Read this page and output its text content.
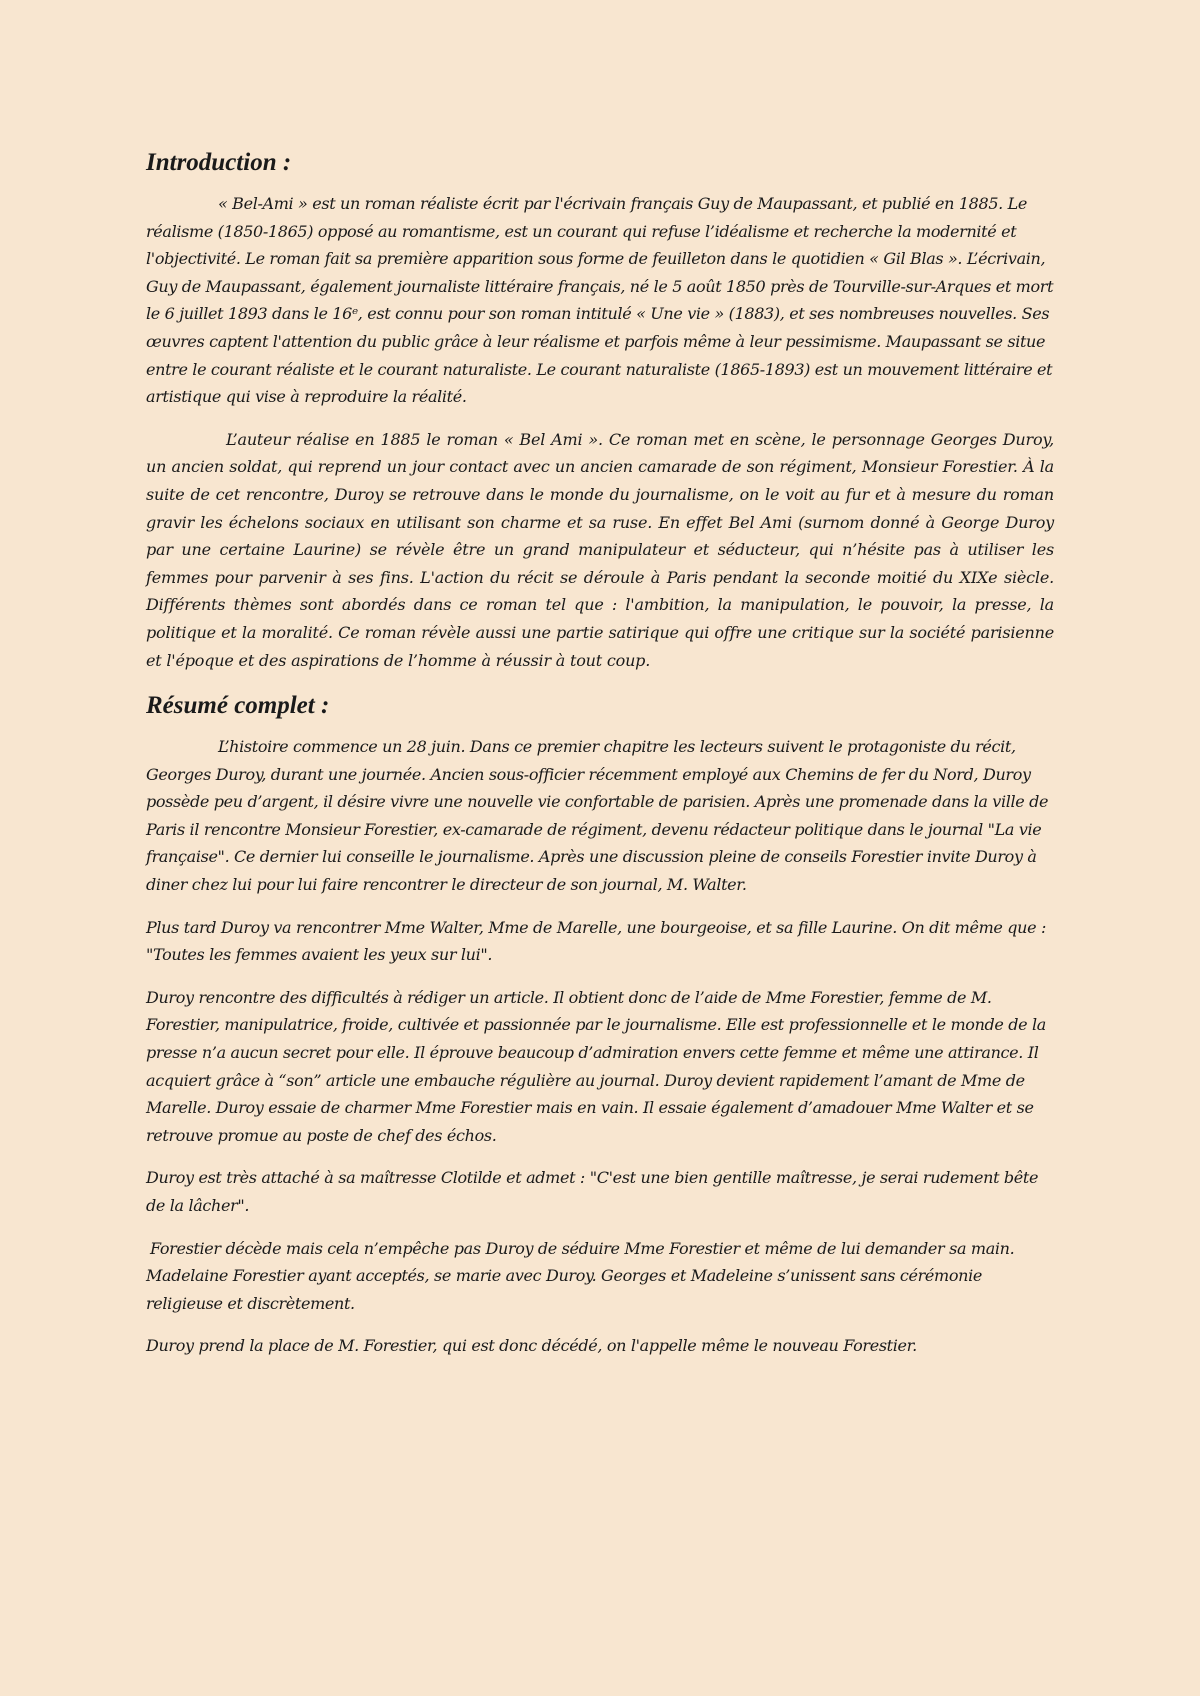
Introduction :

« Bel-Ami » est un roman réaliste écrit par l'écrivain français Guy de Maupassant, et publié en 1885. Le réalisme (1850-1865) opposé au romantisme, est un courant qui refuse l’idéalisme et recherche la modernité et l'objectivité. Le roman fait sa première apparition sous forme de feuilleton dans le quotidien « Gil Blas ». L’écrivain, Guy de Maupassant, également journaliste littéraire français, né le 5 août 1850 près de Tourville-sur-Arques et mort le 6 juillet 1893 dans le 16ᵉ, est connu pour son roman intitulé « Une vie » (1883), et ses nombreuses nouvelles. Ses œuvres captent l'attention du public grâce à leur réalisme et parfois même à leur pessimisme. Maupassant se situe entre le courant réaliste et le courant naturaliste. Le courant naturaliste (1865-1893) est un mouvement littéraire et artistique qui vise à reproduire la réalité.

L’auteur réalise en 1885 le roman « Bel Ami ». Ce roman met en scène, le personnage Georges Duroy, un ancien soldat, qui reprend un jour contact avec un ancien camarade de son régiment, Monsieur Forestier. À la suite de cet rencontre, Duroy se retrouve dans le monde du journalisme, on le voit au fur et à mesure du roman gravir les échelons sociaux en utilisant son charme et sa ruse. En effet Bel Ami (surnom donné à George Duroy par une certaine Laurine) se révèle être un grand manipulateur et séducteur, qui n’hésite pas à utiliser les femmes pour parvenir à ses fins. L'action du récit se déroule à Paris pendant la seconde moitié du XIXe siècle. Différents thèmes sont abordés dans ce roman tel que : l'ambition, la manipulation, le pouvoir, la presse, la politique et la moralité. Ce roman révèle aussi une partie satirique qui offre une critique sur la société parisienne et l'époque et des aspirations de l’homme à réussir à tout coup.

Résumé complet :

L’histoire commence un 28 juin. Dans ce premier chapitre les lecteurs suivent le protagoniste du récit, Georges Duroy, durant une journée. Ancien sous-officier récemment employé aux Chemins de fer du Nord, Duroy possède peu d’argent, il désire vivre une nouvelle vie confortable de parisien. Après une promenade dans la ville de Paris il rencontre Monsieur Forestier, ex-camarade de régiment, devenu rédacteur politique dans le journal "La vie française". Ce dernier lui conseille le journalisme. Après une discussion pleine de conseils Forestier invite Duroy à diner chez lui pour lui faire rencontrer le directeur de son journal, M. Walter.

Plus tard Duroy va rencontrer Mme Walter, Mme de Marelle, une bourgeoise, et sa fille Laurine. On dit même que : "Toutes les femmes avaient les yeux sur lui".

Duroy rencontre des difficultés à rédiger un article. Il obtient donc de l’aide de Mme Forestier, femme de M. Forestier, manipulatrice, froide, cultivée et passionnée par le journalisme. Elle est professionnelle et le monde de la presse n’a aucun secret pour elle. Il éprouve beaucoup d’admiration envers cette femme et même une attirance. Il acquiert grâce à “son” article une embauche régulière au journal. Duroy devient rapidement l’amant de Mme de Marelle. Duroy essaie de charmer Mme Forestier mais en vain. Il essaie également d’amadouer Mme Walter et se retrouve promue au poste de chef des échos.

Duroy est très attaché à sa maîtresse Clotilde et admet : "C'est une bien gentille maîtresse, je serai rudement bête de la lâcher".

Forestier décède mais cela n’empêche pas Duroy de séduire Mme Forestier et même de lui demander sa main. Madelaine Forestier ayant acceptés, se marie avec Duroy. Georges et Madeleine s’unissent sans cérémonie religieuse et discrètement.

Duroy prend la place de M. Forestier, qui est donc décédé, on l'appelle même le nouveau Forestier.
